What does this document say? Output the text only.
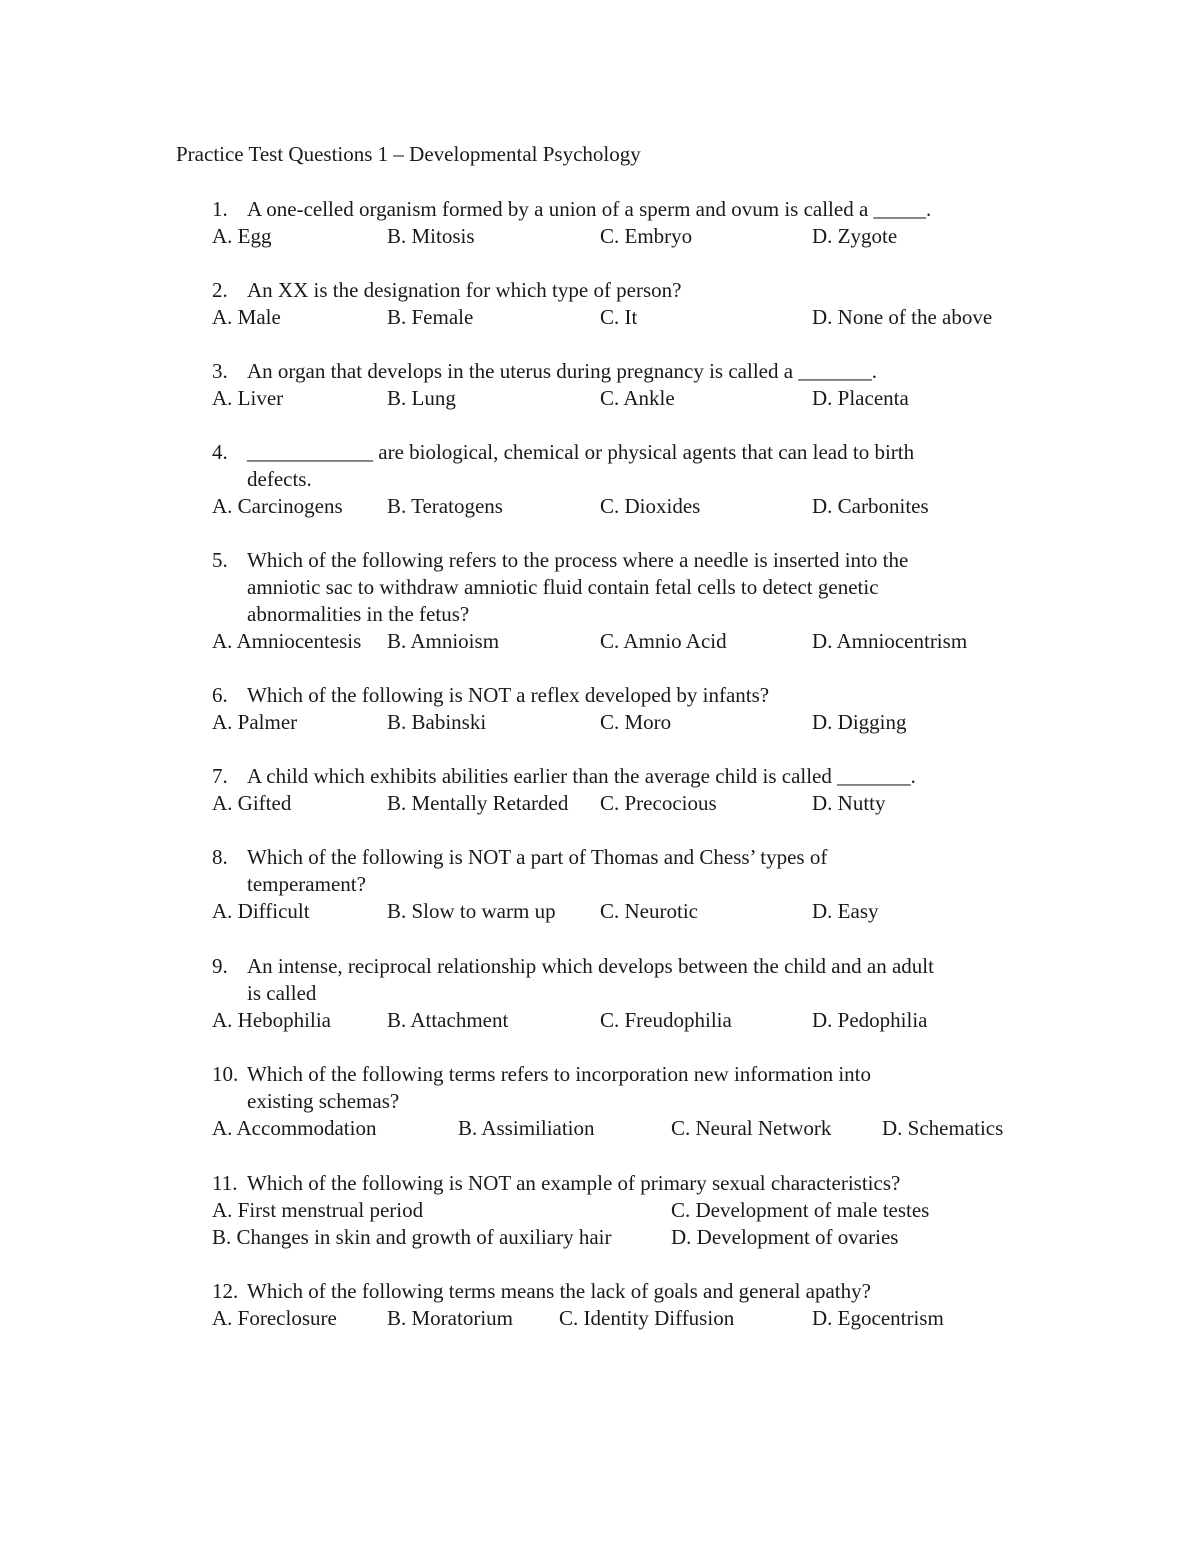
Practice Test Questions 1 – Developmental Psychology
1. A one-celled organism formed by a union of a sperm and ovum is called a _____.
A. Egg	B. Mitosis	C. Embryo	D. Zygote
2. An XX is the designation for which type of person?
A. Male	B. Female	C. It	D. None of the above
3. An organ that develops in the uterus during pregnancy is called a _______.
A. Liver	B. Lung	C. Ankle	D. Placenta
4. ____________ are biological, chemical or physical agents that can lead to birth
defects.
A. Carcinogens B. Teratogens	C. Dioxides	D. Carbonites
5. Which of the following refers to the process where a needle is inserted into the
amniotic sac to withdraw amniotic fluid contain fetal cells to detect genetic
abnormalities in the fetus?
A. Amniocentesis B. Amnioism	C. Amnio Acid	D. Amniocentrism
6. Which of the following is NOT a reflex developed by infants?
A. Palmer	B. Babinski	C. Moro	D. Digging
7. A child which exhibits abilities earlier than the average child is called _______.
A. Gifted	B. Mentally Retarded C. Precocious	D. Nutty
8. Which of the following is NOT a part of Thomas and Chess’ types of
temperament?
A. Difficult	B. Slow to warm up C. Neurotic	D. Easy
9. An intense, reciprocal relationship which develops between the child and an adult
is called
A. Hebophilia	B. Attachment	C. Freudophilia	D. Pedophilia
10. Which of the following terms refers to incorporation new information into
existing schemas?
A. Accommodation	B. Assimiliation	C. Neural Network D. Schematics
11. Which of the following is NOT an example of primary sexual characteristics?
A. First menstrual period	C. Development of male testes
B. Changes in skin and growth of auxiliary hair	D. Development of ovaries
12. Which of the following terms means the lack of goals and general apathy?
A. Foreclosure B. Moratorium C. Identity Diffusion	D. Egocentrism
